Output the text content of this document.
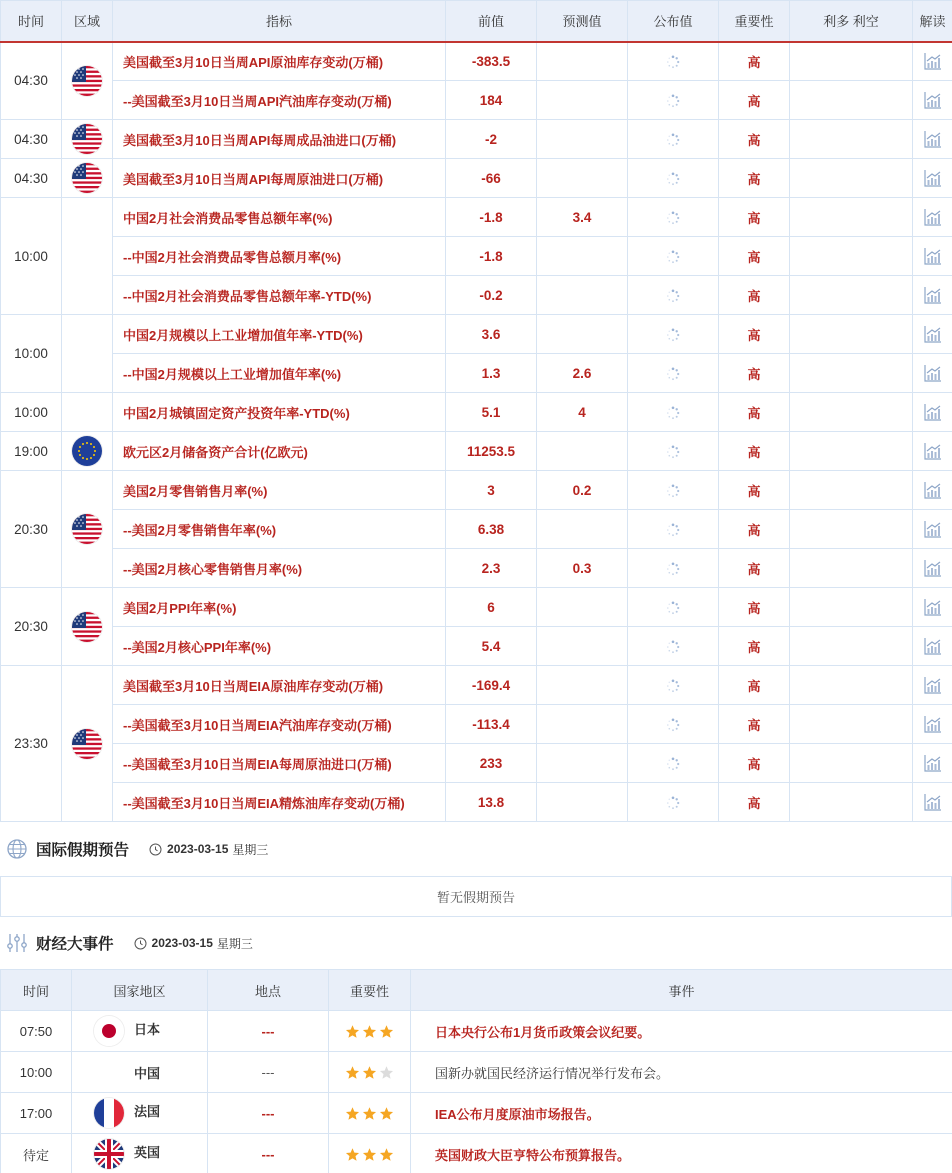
时间	区域	指标	前值	预测值	公布值	重要性	利多 利空	解读
04:30		美国截至3月10日当周API原油库存变动(万桶)	-383.5			高		
		--美国截至3月10日当周API汽油库存变动(万桶)	184			高		
04:30		美国截至3月10日当周API每周成品油进口(万桶)	-2			高		
04:30		美国截至3月10日当周API每周原油进口(万桶)	-66			高		
10:00		中国2月社会消费品零售总额年率(%)	-1.8	3.4		高		
		--中国2月社会消费品零售总额月率(%)	-1.8			高		
		--中国2月社会消费品零售总额年率-YTD(%)	-0.2			高		
10:00		中国2月规模以上工业增加值年率-YTD(%)	3.6			高		
		--中国2月规模以上工业增加值年率(%)	1.3	2.6		高		
10:00		中国2月城镇固定资产投资年率-YTD(%)	5.1	4		高		
19:00		欧元区2月储备资产合计(亿欧元)	11253.5			高		
20:30		美国2月零售销售月率(%)	3	0.2		高		
		--美国2月零售销售年率(%)	6.38			高		
		--美国2月核心零售销售月率(%)	2.3	0.3		高		
20:30		美国2月PPI年率(%)	6			高		
		--美国2月核心PPI年率(%)	5.4			高		
23:30		美国截至3月10日当周EIA原油库存变动(万桶)	-169.4			高		
		--美国截至3月10日当周EIA汽油库存变动(万桶)	-113.4			高		
		--美国截至3月10日当周EIA每周原油进口(万桶)	233			高		
		--美国截至3月10日当周EIA精炼油库存变动(万桶)	13.8			高		
国际假期预告	2023-03-15 星期三
暂无假期预告
财经大事件	2023-03-15 星期三
时间	国家地区	地点	重要性	事件
07:50	日本	---		日本央行公布1月货币政策会议纪要。
10:00	中国	---		国新办就国民经济运行情况举行发布会。
17:00	法国	---		IEA公布月度原油市场报告。
待定	英国	---		英国财政大臣亨特公布预算报告。
